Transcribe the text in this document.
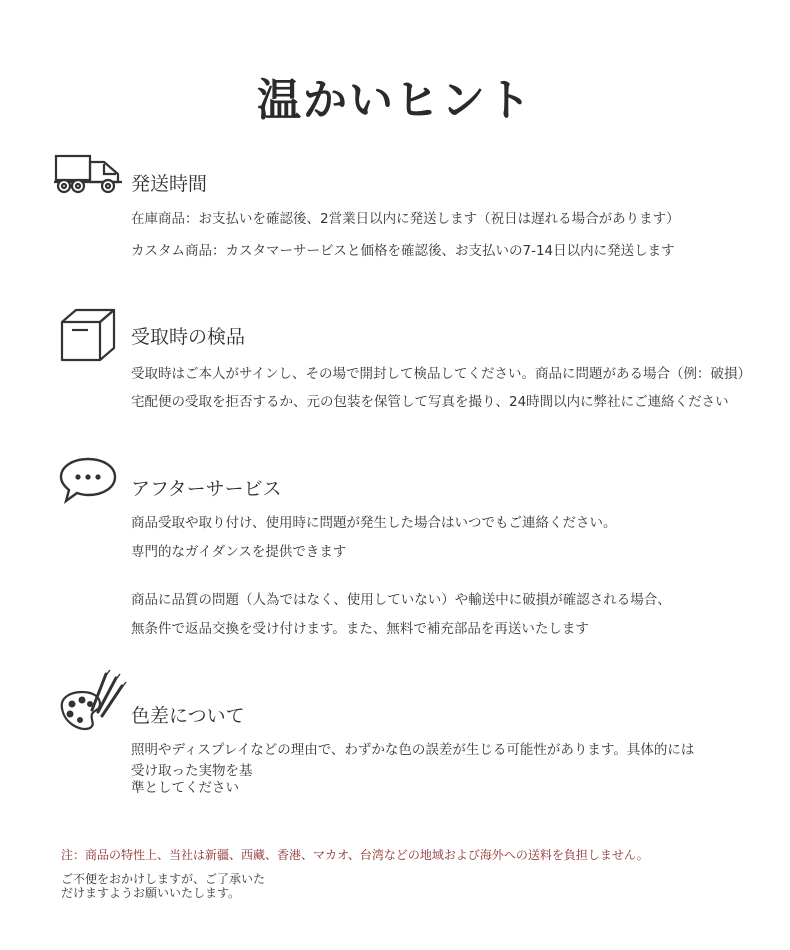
温かいヒント
発送時間
在庫商品：お支払いを確認後、2営業日以内に発送します（祝日は遅れる場合があります）
カスタム商品：カスタマーサービスと価格を確認後、お支払いの7-14日以内に発送します
受取時の検品
受取時はご本人がサインし、その場で開封して検品してください。商品に問題がある場合（例：破損）
宅配便の受取を拒否するか、元の包装を保管して写真を撮り、24時間以内に弊社にご連絡ください
アフターサービス
商品受取や取り付け、使用時に問題が発生した場合はいつでもご連絡ください。
専門的なガイダンスを提供できます
商品に品質の問題（人為ではなく、使用していない）や輸送中に破損が確認される場合、
無条件で返品交換を受け付けます。また、無料で補充部品を再送いたします
色差について
照明やディスプレイなどの理由で、わずかな色の誤差が生じる可能性があります。具体的には
受け取った実物を基
準としてください
注：商品の特性上、当社は新疆、西藏、香港、マカオ、台湾などの地域および海外への送料を負担しません。
ご不便をおかけしますが、ご了承いた
だけますようお願いいたします。
